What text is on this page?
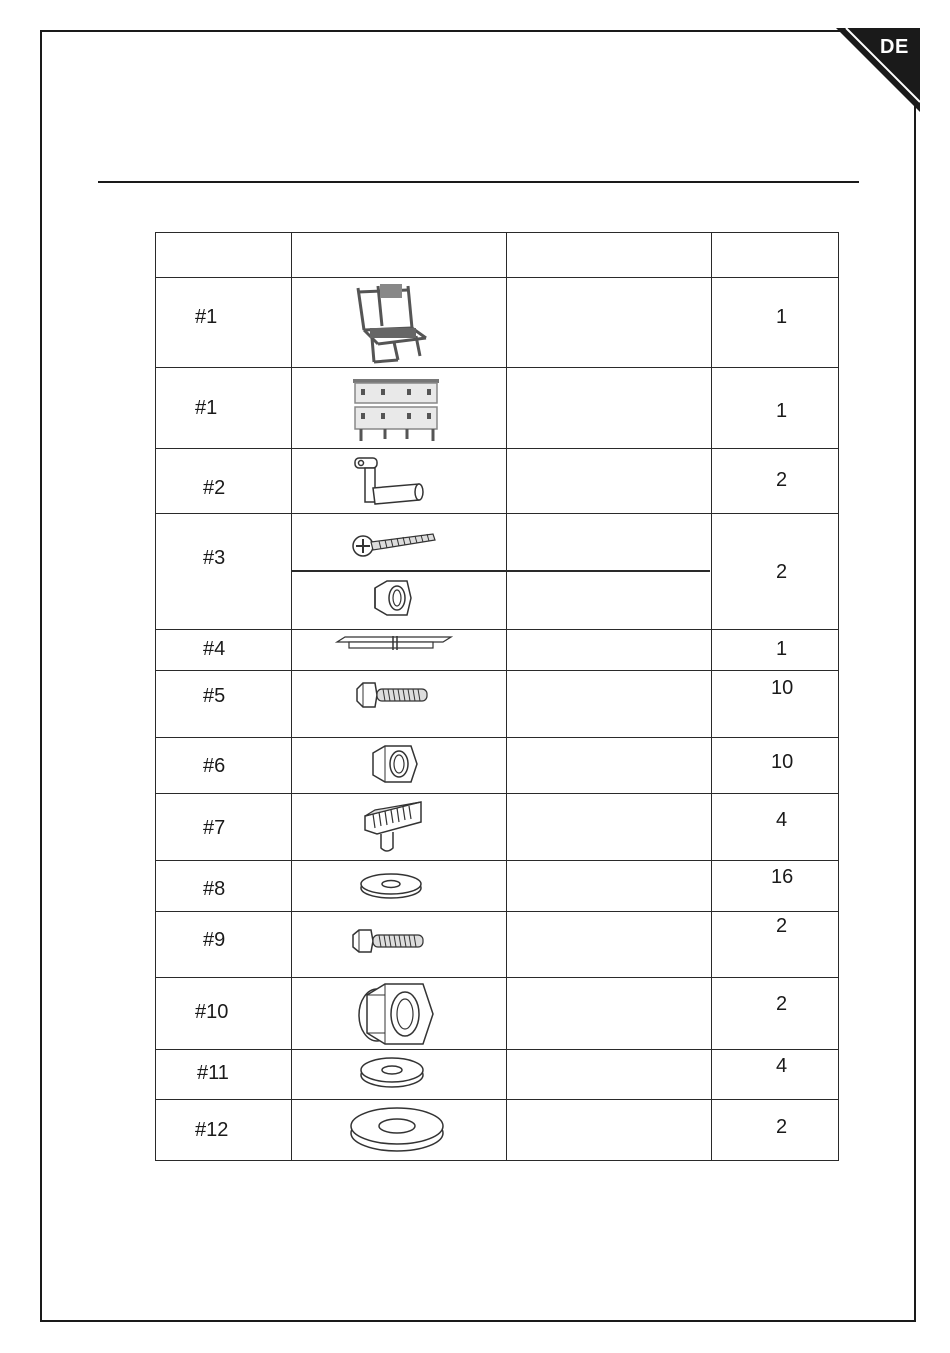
DE
#1
#1
#2
#3
#4
#5
#6
#7
#8
#9
#10
#11
#12
1
1
2
2
1
10
10
4
16
2
2
4
2
